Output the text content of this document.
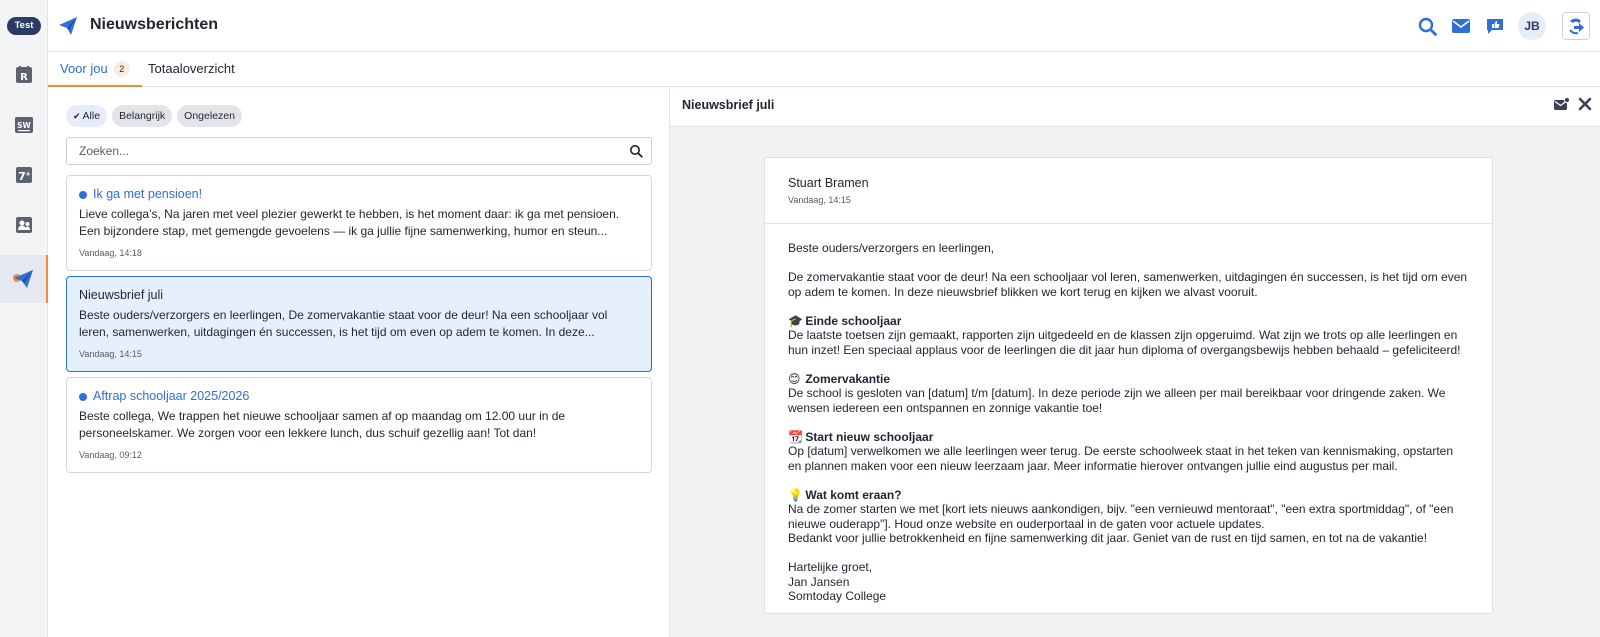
Test
R
SW
7 +
Nieuwsberichten	JB
Voor jou 2	Totaaloverzicht
✔ Alle	Belangrijk	Ongelezen
Zoeken...
Ik ga met pensioen!
Lieve collega’s, Na jaren met veel plezier gewerkt te hebben, is het moment daar: ik ga met pensioen. Een bijzondere stap, met gemengde gevoelens — ik ga jullie fijne samenwerking, humor en steun...
Vandaag, 14:18
Nieuwsbrief juli
Beste ouders/verzorgers en leerlingen, De zomervakantie staat voor de deur! Na een schooljaar vol leren, samenwerken, uitdagingen én successen, is het tijd om even op adem te komen. In deze...
Vandaag, 14:15
Aftrap schooljaar 2025/2026
Beste collega, We trappen het nieuwe schooljaar samen af op maandag om 12.00 uur in de personeelskamer. We zorgen voor een lekkere lunch, dus schuif gezellig aan! Tot dan!
Vandaag, 09:12
Nieuwsbrief juli
Stuart Bramen
Vandaag, 14:15

Beste ouders/verzorgers en leerlingen,

De zomervakantie staat voor de deur! Na een schooljaar vol leren, samenwerken, uitdagingen én successen, is het tijd om even op adem te komen. In deze nieuwsbrief blikken we kort terug en kijken we alvast vooruit.

🎓 Einde schooljaar
De laatste toetsen zijn gemaakt, rapporten zijn uitgedeeld en de klassen zijn opgeruimd. Wat zijn we trots op alle leerlingen en hun inzet! Een speciaal applaus voor de leerlingen die dit jaar hun diploma of overgangsbewijs hebben behaald – gefeliciteerd!

😊 Zomervakantie
De school is gesloten van [datum] t/m [datum]. In deze periode zijn we alleen per mail bereikbaar voor dringende zaken. We wensen iedereen een ontspannen en zonnige vakantie toe!

📆 Start nieuw schooljaar
Op [datum] verwelkomen we alle leerlingen weer terug. De eerste schoolweek staat in het teken van kennismaking, opstarten en plannen maken voor een nieuw leerzaam jaar. Meer informatie hierover ontvangen jullie eind augustus per mail.

💡 Wat komt eraan?
Na de zomer starten we met [kort iets nieuws aankondigen, bijv. "een vernieuwd mentoraat", "een extra sportmiddag", of "een nieuwe ouderapp"]. Houd onze website en ouderportaal in de gaten voor actuele updates.
Bedankt voor jullie betrokkenheid en fijne samenwerking dit jaar. Geniet van de rust en tijd samen, en tot na de vakantie!

Hartelijke groet,
Jan Jansen
Somtoday College
